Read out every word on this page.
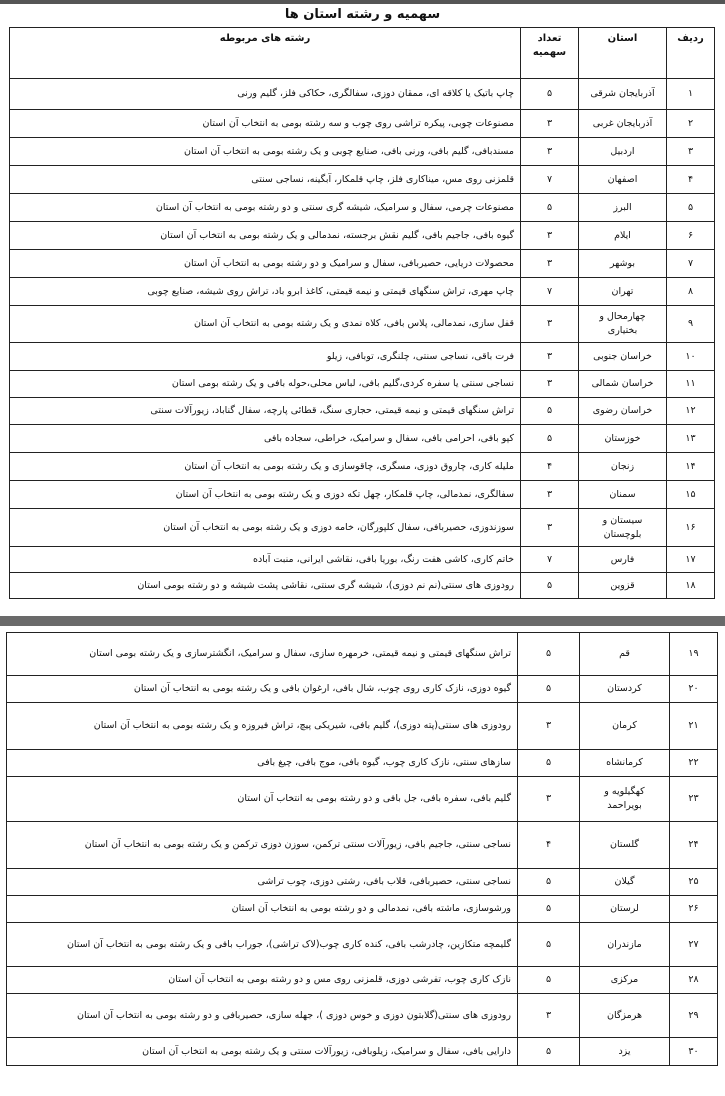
سهمیه و رشته استان ها
ردیف	استان	تعداد سهمیه	رشته های مربوطه
۱	آذربایجان شرقی	۵	چاپ باتیک یا کلاقه ای، ممقان دوزی، سفالگری، حکاکی فلز، گلیم ورنی
۲	آذربایجان غربی	۳	مصنوعات چوبی، پیکره تراشی روی چوب و سه رشته بومی به انتخاب آن استان
۳	اردبیل	۳	مسندبافی، گلیم بافی، ورنی بافی، صنایع چوبی و یک رشته بومی به انتخاب آن استان
۴	اصفهان	۷	قلمزنی روی مس، میناکاری فلز، چاپ قلمکار، آبگینه، نساجی سنتی
۵	البرز	۵	مصنوعات چرمی، سفال و سرامیک، شیشه گری سنتی و دو رشته بومی به انتخاب آن استان
۶	ایلام	۳	گیوه بافی، جاجیم بافی، گلیم نقش برجسته، نمدمالی و یک رشته بومی به انتخاب آن استان
۷	بوشهر	۳	محصولات دریایی، حصیربافی، سفال و سرامیک و دو رشته بومی به انتخاب آن استان
۸	تهران	۷	چاپ مهری، تراش سنگهای قیمتی و نیمه قیمتی، کاغذ ابرو باد، تراش روی شیشه، صنایع چوبی
۹	چهارمحال و بختیاری	۳	قفل سازی، نمدمالی، پلاس بافی، کلاه نمدی و یک رشته بومی به انتخاب آن استان
۱۰	خراسان جنوبی	۳	فرت باقی، نساجی سنتی، چلنگری، توبافی، زیلو
۱۱	خراسان شمالی	۳	نساجی سنتی یا سفره کردی،گلیم بافی، لباس محلی،حوله بافی و یک رشته بومی استان
۱۲	خراسان رضوی	۵	تراش سنگهای قیمتی و نیمه قیمتی، حجاری سنگ، قطائی پارچه، سفال گناباد، زیورآلات سنتی
۱۳	خوزستان	۵	کپو بافی، احرامی بافی، سفال و سرامیک، خراطی، سجاده بافی
۱۴	زنجان	۴	ملیله کاری، چاروق دوزی، مسگری، چاقوسازی و یک رشته بومی به انتخاب آن استان
۱۵	سمنان	۳	سفالگری، نمدمالی، چاپ قلمکار، چهل تکه دوزی و یک رشته بومی به انتخاب آن استان
۱۶	سیستان و بلوچستان	۳	سوزندوزی، حصیربافی، سفال کلپورگان، خامه دوزی و یک رشته بومی به انتخاب آن استان
۱۷	فارس	۷	خاتم کاری، کاشی هفت رنگ، بوریا بافی، نقاشی ایرانی، منبت آباده
۱۸	قزوین	۵	رودوزی های سنتی(نم نم دوزی)، شیشه گری سنتی، نقاشی پشت شیشه و دو رشته بومی استان
۱۹	قم	۵	تراش سنگهای قیمتی و نیمه قیمتی، خرمهره سازی، سفال و سرامیک، انگشترسازی و یک رشته بومی استان
۲۰	کردستان	۵	گیوه دوزی، نازک کاری روی چوب، شال بافی، ارغوان بافی و یک رشته بومی به انتخاب آن استان
۲۱	کرمان	۳	رودوزی های سنتی(پته دوزی)، گلیم بافی، شیریکی پیچ، تراش فیروزه و یک رشته بومی به انتخاب آن استان
۲۲	کرمانشاه	۵	سازهای سنتی، نازک کاری چوب، گیوه بافی، موج بافی، چیغ بافی
۲۳	کهگیلویه و بویراحمد	۳	گلیم بافی، سفره بافی، جل بافی و دو رشته بومی به انتخاب آن استان
۲۴	گلستان	۴	نساجی سنتی، جاجیم بافی، زیورآلات سنتی ترکمن، سوزن دوزی ترکمن و یک رشته بومی به انتخاب آن استان
۲۵	گیلان	۵	نساجی سنتی، حصیربافی، قلاب بافی، رشتی دوزی، چوب تراشی
۲۶	لرستان	۵	ورشوسازی، ماشته بافی، نمدمالی و دو رشته بومی به انتخاب آن استان
۲۷	مازندران	۵	گلیمچه متکازین، چادرشب بافی، کنده کاری چوب(لاک تراشی)، جوراب بافی و یک رشته بومی به انتخاب آن استان
۲۸	مرکزی	۵	نازک کاری چوب، تفرشی دوزی، قلمزنی روی مس و دو رشته بومی به انتخاب آن استان
۲۹	هرمزگان	۳	رودوزی های سنتی(گلابتون دوزی و خوس دوزی )، جهله سازی، حصیربافی و دو رشته بومی به انتخاب آن استان
۳۰	یزد	۵	دارایی بافی، سفال و سرامیک، زیلوبافی، زیورآلات سنتی و یک رشته بومی به انتخاب آن استان
